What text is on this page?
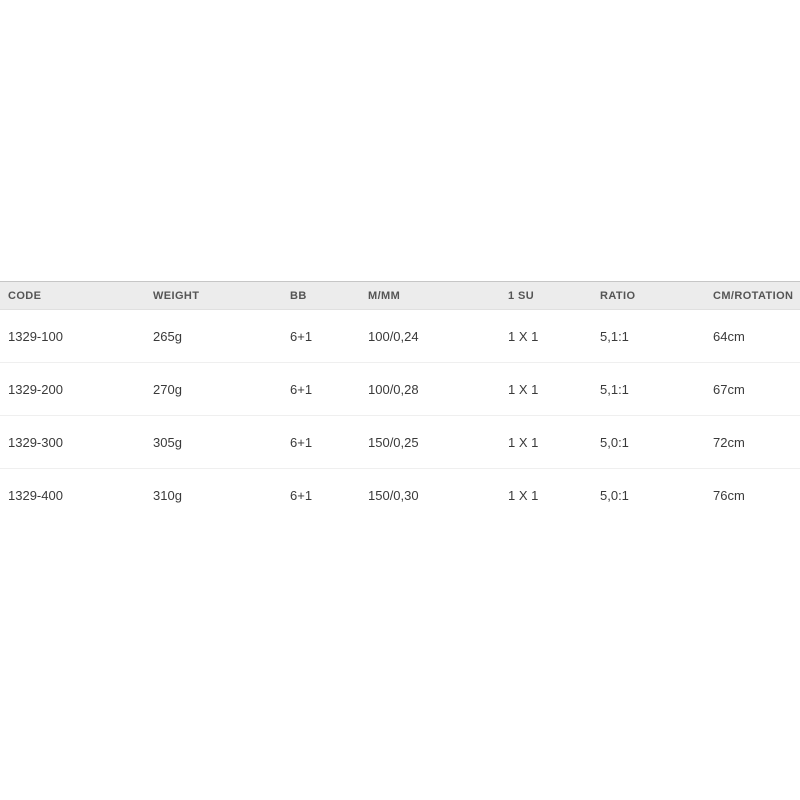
CODE	WEIGHT	BB	M/MM	1 SU	RATIO	CM/ROTATION
1329-100	265g	6+1	100/0,24	1 X 1	5,1:1	64cm
1329-200	270g	6+1	100/0,28	1 X 1	5,1:1	67cm
1329-300	305g	6+1	150/0,25	1 X 1	5,0:1	72cm
1329-400	310g	6+1	150/0,30	1 X 1	5,0:1	76cm
